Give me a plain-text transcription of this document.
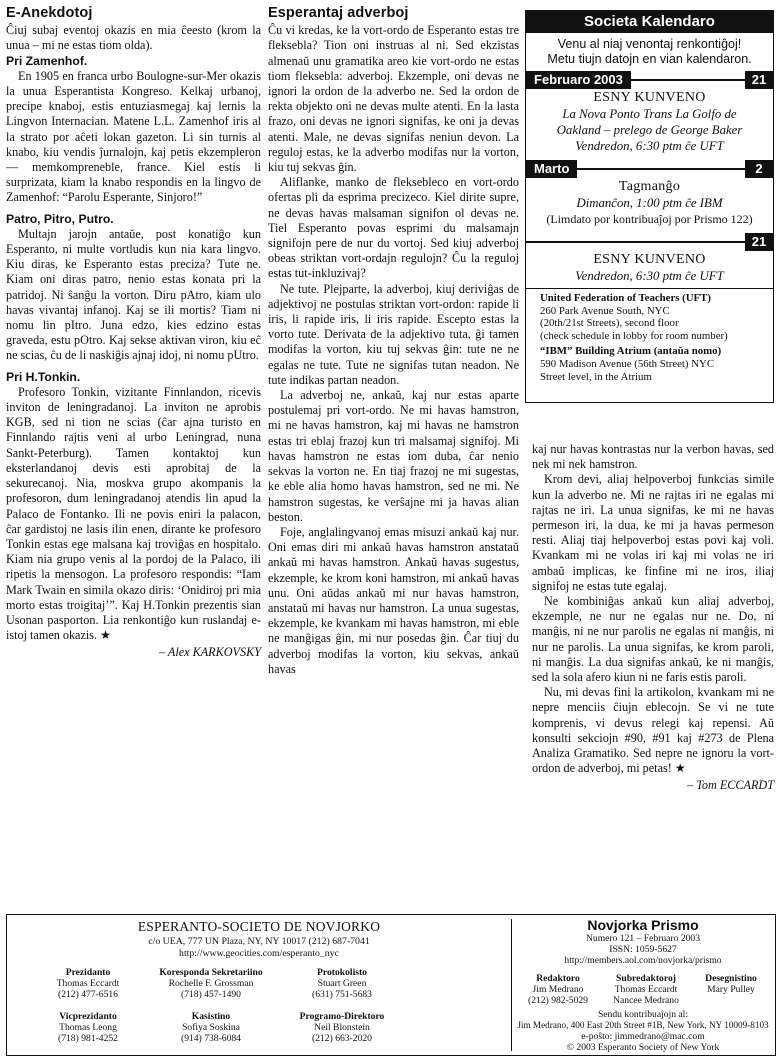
E-Anekdotoj

Ĉiuj subaj eventoj okazis en mia ĉeesto (krom la unua – mi ne estas tiom olda).

Pri Zamenhof.

En 1905 en franca urbo Boulogne-sur-Mer okazis la unua Esperantista Kongreso. Kelkaj urbanoj, precipe knaboj, estis entuziasmegaj kaj lernis la Lingvon Internacian. Matene L.L. Zamenhof iris al la strato por aĉeti lokan gazeton. Li sin turnis al knabo, kiu vendis ĵurnalojn, kaj petis ekzempleron — memkompreneble, france. Kiel estis li surprizata, kiam la knabo respondis en la lingvo de Zamenhof: “Parolu Esperante, Sinjoro!”

Patro, Pitro, Putro.

Multajn jarojn antaŭe, post konatiĝo kun Esperanto, ni multe vortludis kun nia kara lingvo. Kiu diras, ke Esperanto estas preciza? Tute ne. Kiam oni diras patro, nenio estas konata pri la patridoj. Ni ŝanĝu la vorton. Diru pAtro, kiam ulo havas vivantaj infanoj. Kaj se ili mortis? Tiam ni nomu lin pItro. Juna edzo, kies edzino estas graveda, estu pOtro. Kaj sekse aktivan viron, kiu eĉ ne scias, ĉu de li naskiĝis ajnaj idoj, ni nomu pUtro.

Pri H.Tonkin.

Profesoro Tonkin, vizitante Finnlandon, ricevis inviton de leningradanoj. La inviton ne aprobis KGB, sed ni tion ne scias (ĉar ajna turisto en Finnlando rajtis veni al urbo Leningrad, nuna Sankt-Peterburg). Tamen kontaktoj kun eksterlandanoj devis esti aprobitaj de la sekurecanoj. Nia, moskva grupo akompanis la profesoron, dum leningradanoj atendis lin apud la Palaco de Fontanko. Ili ne povis eniri la palacon, ĉar gardistoj ne lasis ilin enen, dirante ke profesoro Tonkin estas ege malsana kaj troviĝas en hospitalo. Kiam nia grupo venis al la pordoj de la Palaco, ili ripetis la mensogon. La profesoro respondis: “Iam Mark Twain en simila okazo diris: ‘Onidiroj pri mia morto estas troigitaj’”. Kaj H.Tonkin prezentis sian Usonan pasporton. Lia renkontiĝo kun ruslandaj e-istoj tamen okazis. ★

– Alex KARKOVSKY
Esperantaj adverboj

Ĉu vi kredas, ke la vort-ordo de Esperanto estas tre fleksebla? Tion oni instruas al ni. Sed ekzistas almenaŭ unu gramatika areo kie vort-ordo ne estas tiom fleksebla: adverboj. Ekzemple, oni devas ne ignori la ordon de la adverbo ne. Sed la ordon de rekta objekto oni ne devas multe atenti. En la lasta frazo, oni devas ne ignori signifas, ke oni ja devas atenti. Male, ne devas signifas neniun devon. La reguloj estas, ke la adverbo modifas nur la vorton, kiu tuj sekvas ĝin.

Aliflanke, manko de fleksebleco en vort-ordo ofertas pli da esprima precizeco. Kiel dirite supre, ne devas havas malsaman signifon ol devas ne. Tiel Esperanto povas esprimi du malsamajn signifojn pere de nur du vortoj. Sed kiuj adverboj obeas striktan vort-ordajn regulojn? Ĉu la reguloj estas tut-inkluzivaj?

Ne tute. Plejparte, la adverboj, kiuj deriviĝas de adjektivoj ne postulas striktan vort-ordon: rapide li iris, li rapide iris, li iris rapide. Escepto estas la vorto tute. Derivata de la adjektivo tuta, ĝi tamen modifas la vorton, kiu tuj sekvas ĝin: tute ne ne egalas ne tute. Tute ne signifas tutan neadon. Ne tute indikas partan neadon.

La adverboj ne, ankaŭ, kaj nur estas aparte postulemaj pri vort-ordo. Ne mi havas hamstron, mi ne havas hamstron, kaj mi havas ne hamstron estas tri eblaj frazoj kun tri malsamaj signifoj. Mi havas hamstron ne estas iom duba, ĉar nenio sekvas la vorton ne. En tiaj frazoj ne mi sugestas, ke eble alia homo havas hamstron, sed ne mi. Ne hamstron sugestas, ke verŝajne mi ja havas alian beston.

Foje, anglalingvanoj emas misuzi ankaŭ kaj nur. Oni emas diri mi ankaŭ havas hamstron anstataŭ ankaŭ mi havas hamstron. Ankaŭ havas sugestus, ekzemple, ke krom koni hamstron, mi ankaŭ havas unu. Oni aŭdas ankaŭ mi nur havas hamstron, anstataŭ mi havas nur hamstron. La unua sugestas, ekzemple, ke kvankam mi havas hamstron, mi eble ne manĝigas ĝin, mi nur posedas ĝin. Ĉar tiuj du adverboj modifas la vorton, kiu sekvas, ankaŭ havas

Societa Kalendaro
Venu al niaj venontaj renkontiĝoj!
Metu tiujn datojn en vian kalendaron.
Februaro 2003	21
ESNY KUNVENO
La Nova Ponto Trans La Golfo de
Oakland – prelego de George Baker
Vendredon, 6:30 ptm ĉe UFT
Marto	2
Tagmanĝo
Dimanĉon, 1:00 ptm ĉe IBM
(Limdato por kontribuaĵoj por Prismo 122)
21
ESNY KUNVENO
Vendredon, 6:30 ptm ĉe UFT
United Federation of Teachers (UFT)
260 Park Avenue South, NYC
(20th/21st Streets), second floor
(check schedule in lobby for room number)
“IBM” Building Atrium (antaŭa nomo)
590 Madison Avenue (56th Street) NYC
Street level, in the Atrium

kaj nur havas kontrastas nur la verbon havas, sed nek mi nek hamstron.

Krom devi, aliaj helpoverboj funkcias simile kun la adverbo ne. Mi ne rajtas iri ne egalas mi rajtas ne iri. La unua signifas, ke mi ne havas permeson iri, la dua, ke mi ja havas permeson resti. Aliaj tiaj helpoverboj estas povi kaj voli. Kvankam mi ne volas iri kaj mi volas ne iri ambaŭ implicas, ke finfine mi ne iros, iliaj signifoj ne estas tute egalaj.

Ne kombiniĝas ankaŭ kun aliaj adverboj, ekzemple, ne nur ne egalas nur ne. Do, ni manĝis, ni ne nur parolis ne egalas ni manĝis, ni nur ne parolis. La unua signifas, ke krom paroli, ni manĝis. La dua signifas ankaŭ, ke ni manĝis, sed la sola afero kiun ni ne faris estis paroli.

Nu, mi devas fini la artikolon, kvankam mi ne nepre menciis ĉiujn eblecojn. Se vi ne tute komprenis, vi devus relegi kaj repensi. Aŭ konsulti sekciojn #90, #91 kaj #273 de Plena Analiza Gramatiko. Sed nepre ne ignoru la vort-ordon de adverboj, mi petas! ★

– Tom ECCARDT
ESPERANTO-SOCIETO DE NOVJORKO
c/o UEA, 777 UN Plaza, NY, NY 10017 (212) 687-7041
http://www.geocities.com/esperanto_nyc
Prezidanto
Thomas Eccardt
(212) 477-6516
Koresponda Sekretariino
Rochelle F. Grossman
(718) 457-1490
Protokolisto
Stuart Green
(631) 751-5683
Vicprezidanto
Thomas Leong
(718) 981-4252
Kasistino
Sofiya Soskina
(914) 738-6084
Programo-Direktoro
Neil Blonstein
(212) 663-2020
Novjorka Prismo
Numero 121 – Februaro 2003
ISSN: 1059-5627
http://members.aol.com/novjorka/prismo
Redaktoro
Jim Medrano
(212) 982-5029
Subredaktoroj
Thomas Eccardt
Nancee Medrano
Desegnistino
Mary Pulley
Sendu kontribuaĵojn al:
Jim Medrano, 400 East 20th Street #1B, New York, NY 10009-8103
e-poŝto: jimmedrano@mac.com
© 2003 Esperanto Society of New York
